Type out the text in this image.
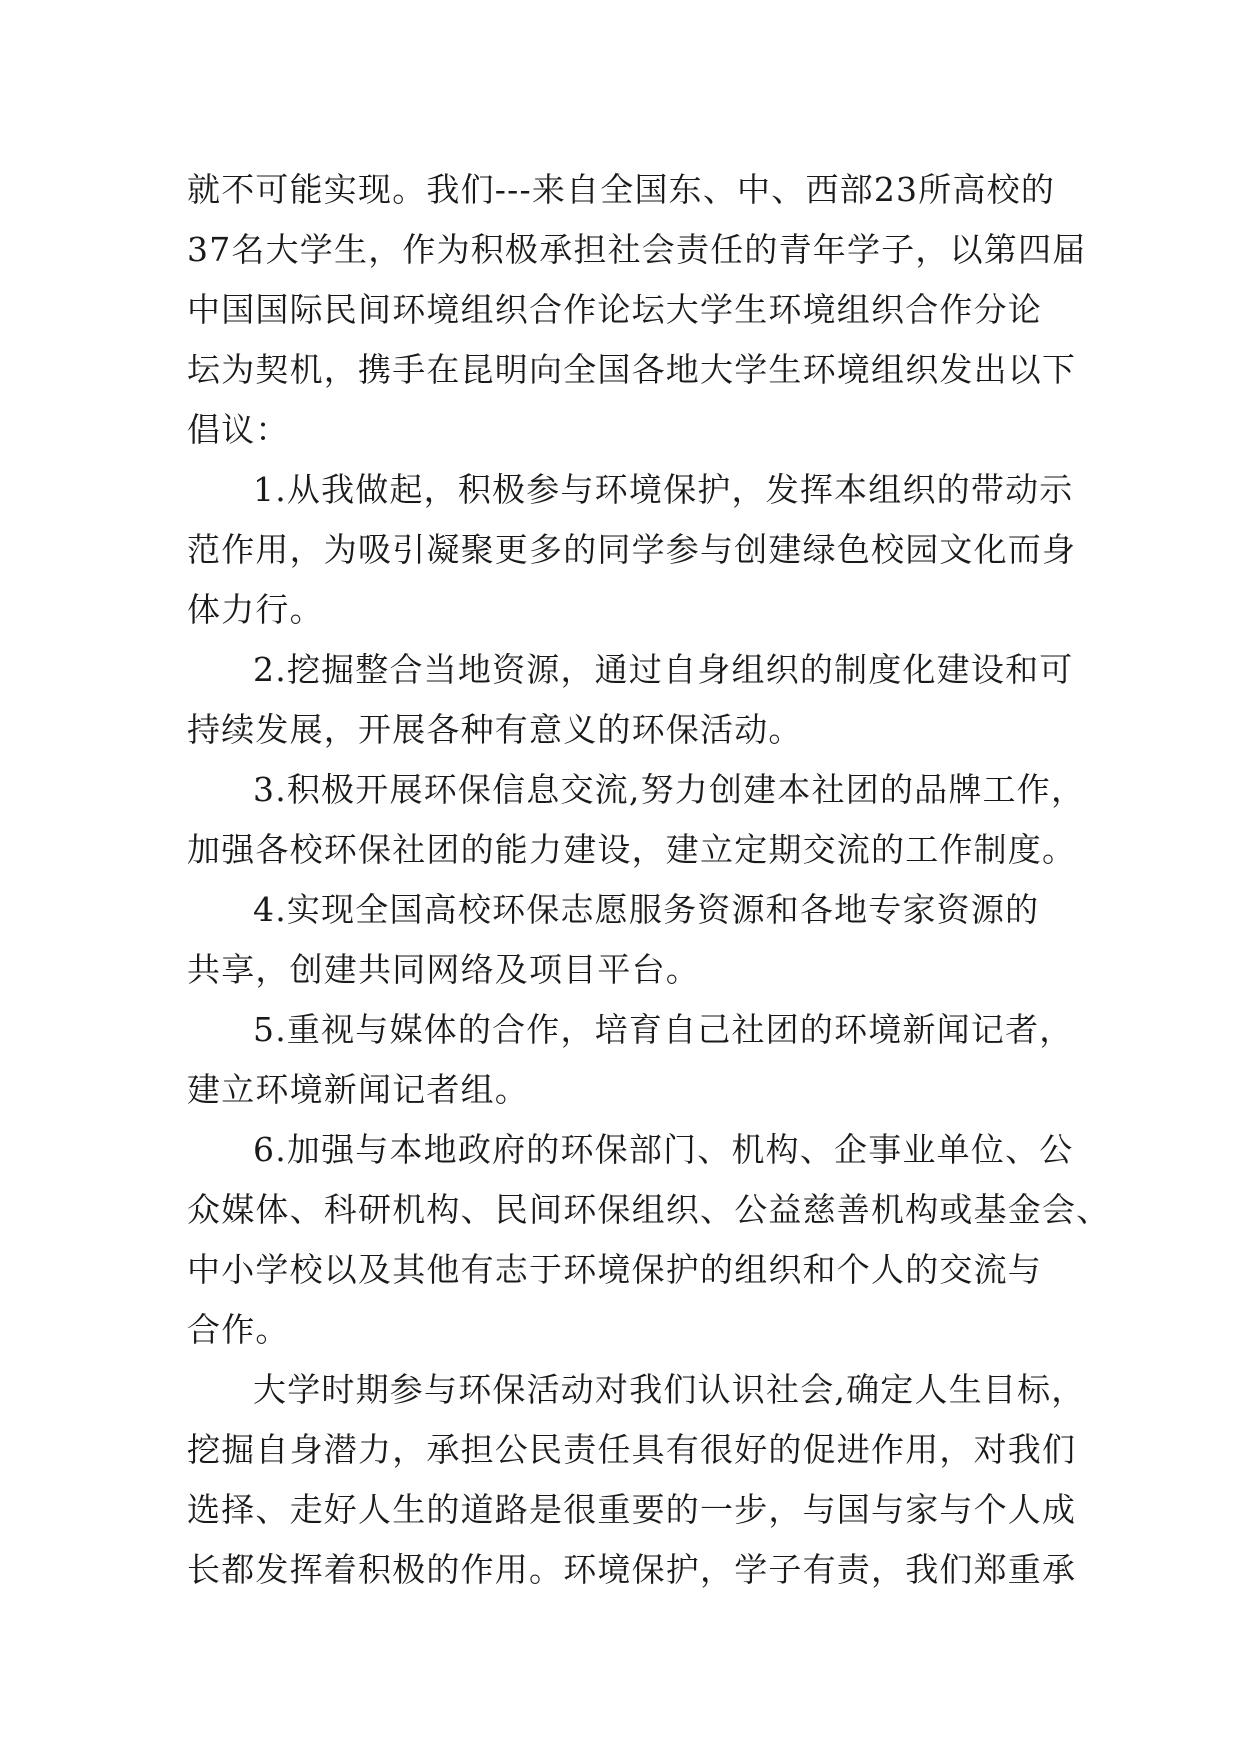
就不可能实现。我们---来自全国东、中、西部23所高校的
37名大学生，作为积极承担社会责任的青年学子，以第四届
中国国际民间环境组织合作论坛大学生环境组织合作分论
坛为契机，携手在昆明向全国各地大学生环境组织发出以下
倡议：
1.从我做起，积极参与环境保护，发挥本组织的带动示
范作用，为吸引凝聚更多的同学参与创建绿色校园文化而身
体力行。
2.挖掘整合当地资源，通过自身组织的制度化建设和可
持续发展，开展各种有意义的环保活动。
3.积极开展环保信息交流,努力创建本社团的品牌工作，
加强各校环保社团的能力建设，建立定期交流的工作制度。
4.实现全国高校环保志愿服务资源和各地专家资源的
共享，创建共同网络及项目平台。
5.重视与媒体的合作，培育自己社团的环境新闻记者，
建立环境新闻记者组。
6.加强与本地政府的环保部门、机构、企事业单位、公
众媒体、科研机构、民间环保组织、公益慈善机构或基金会、
中小学校以及其他有志于环境保护的组织和个人的交流与
合作。
大学时期参与环保活动对我们认识社会,确定人生目标，
挖掘自身潜力，承担公民责任具有很好的促进作用，对我们
选择、走好人生的道路是很重要的一步，与国与家与个人成
长都发挥着积极的作用。环境保护，学子有责，我们郑重承
